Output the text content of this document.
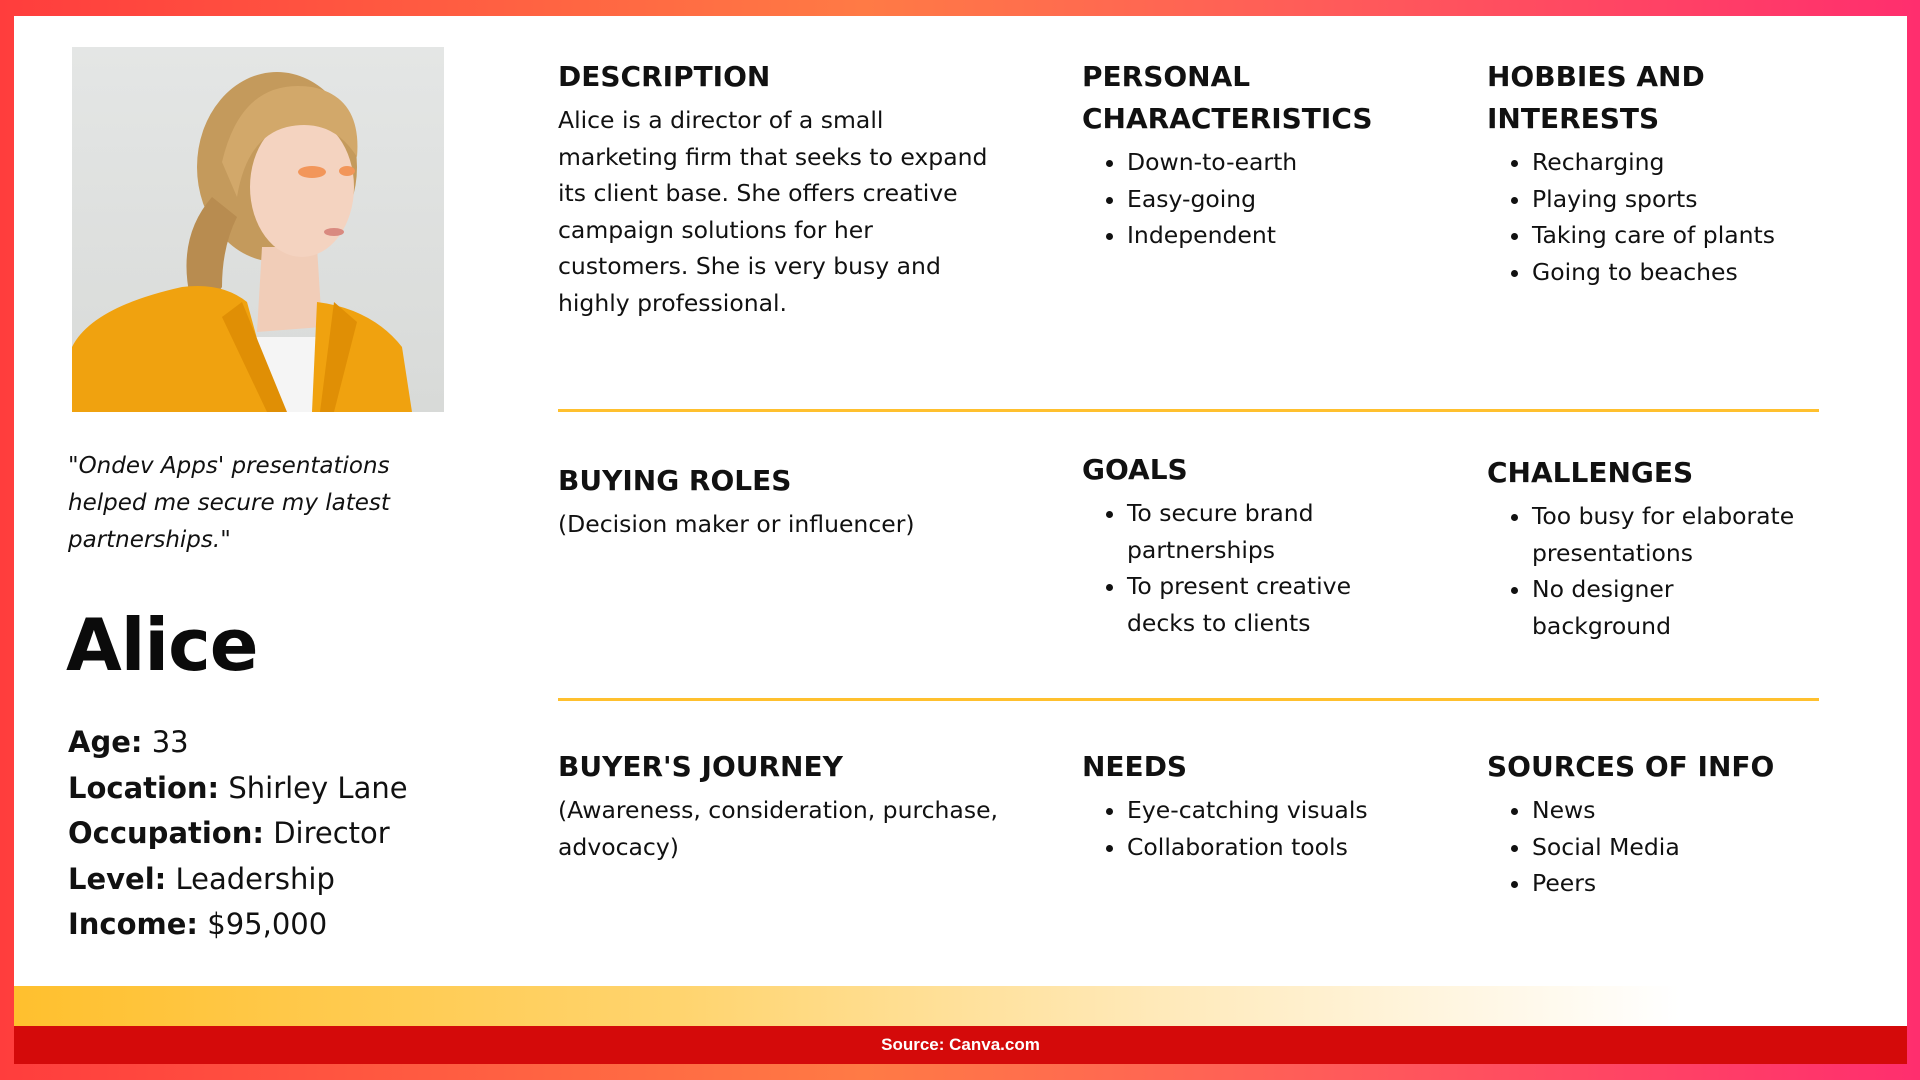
"Ondev Apps' presentations helped me secure my latest partnerships."

Alice
Age: 33
Location: Shirley Lane
Occupation: Director
Level: Leadership
Income: $95,000
DESCRIPTION

Alice is a director of a small marketing firm that seeks to expand its client base. She offers creative campaign solutions for her customers. She is very busy and highly professional.

PERSONAL CHARACTERISTICS
• Down-to-earth
• Easy-going
• Independent
HOBBIES AND INTERESTS
• Recharging
• Playing sports
• Taking care of plants
• Going to beaches
BUYING ROLES

(Decision maker or influencer)

GOALS
• To secure brand partnerships
• To present creative decks to clients
CHALLENGES
• Too busy for elaborate presentations
• No designer background
BUYER'S JOURNEY

(Awareness, consideration, purchase, advocacy)

NEEDS
• Eye-catching visuals
• Collaboration tools
SOURCES OF INFO
• News
• Social Media
• Peers
Source: Canva.com
